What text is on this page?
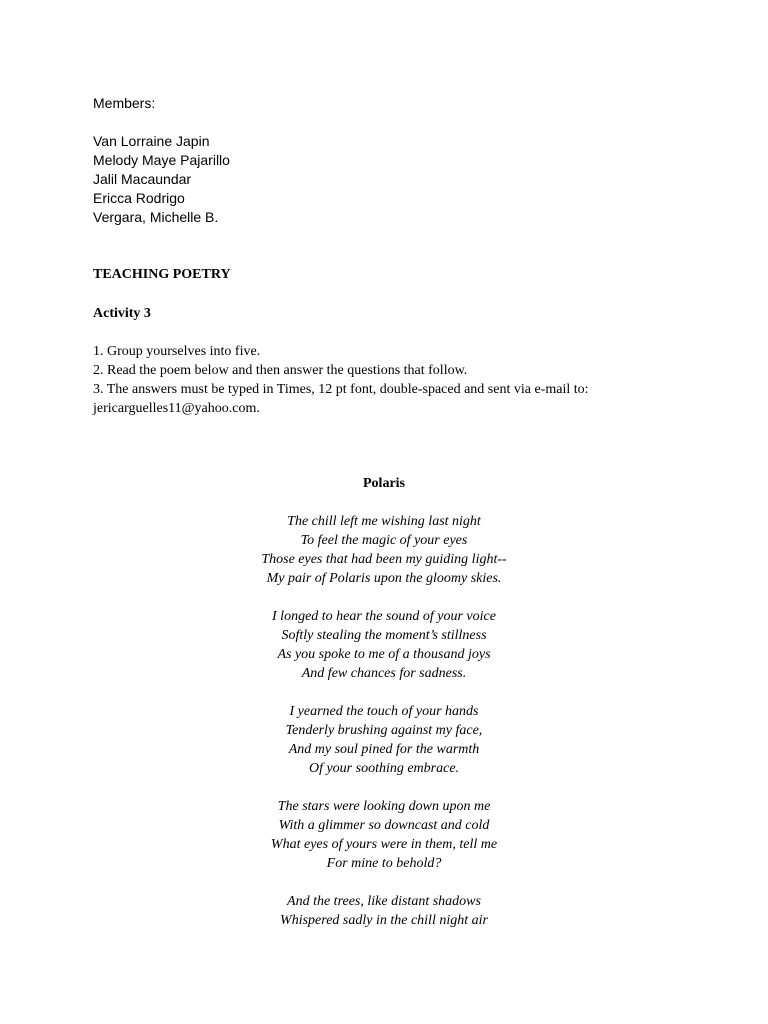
Members:
Van Lorraine Japin
Melody Maye Pajarillo
Jalil Macaundar
Ericca Rodrigo
Vergara, Michelle B.
TEACHING POETRY
Activity 3
1. Group yourselves into five.
2. Read the poem below and then answer the questions that follow.
3. The answers must be typed in Times, 12 pt font, double-spaced and sent via e-mail to:
jericarguelles11@yahoo.com.
Polaris
The chill left me wishing last night
To feel the magic of your eyes
Those eyes that had been my guiding light--
My pair of Polaris upon the gloomy skies.
I longed to hear the sound of your voice
Softly stealing the moment’s stillness
As you spoke to me of a thousand joys
And few chances for sadness.
I yearned the touch of your hands
Tenderly brushing against my face,
And my soul pined for the warmth
Of your soothing embrace.
The stars were looking down upon me
With a glimmer so downcast and cold
What eyes of yours were in them, tell me
For mine to behold?
And the trees, like distant shadows
Whispered sadly in the chill night air
